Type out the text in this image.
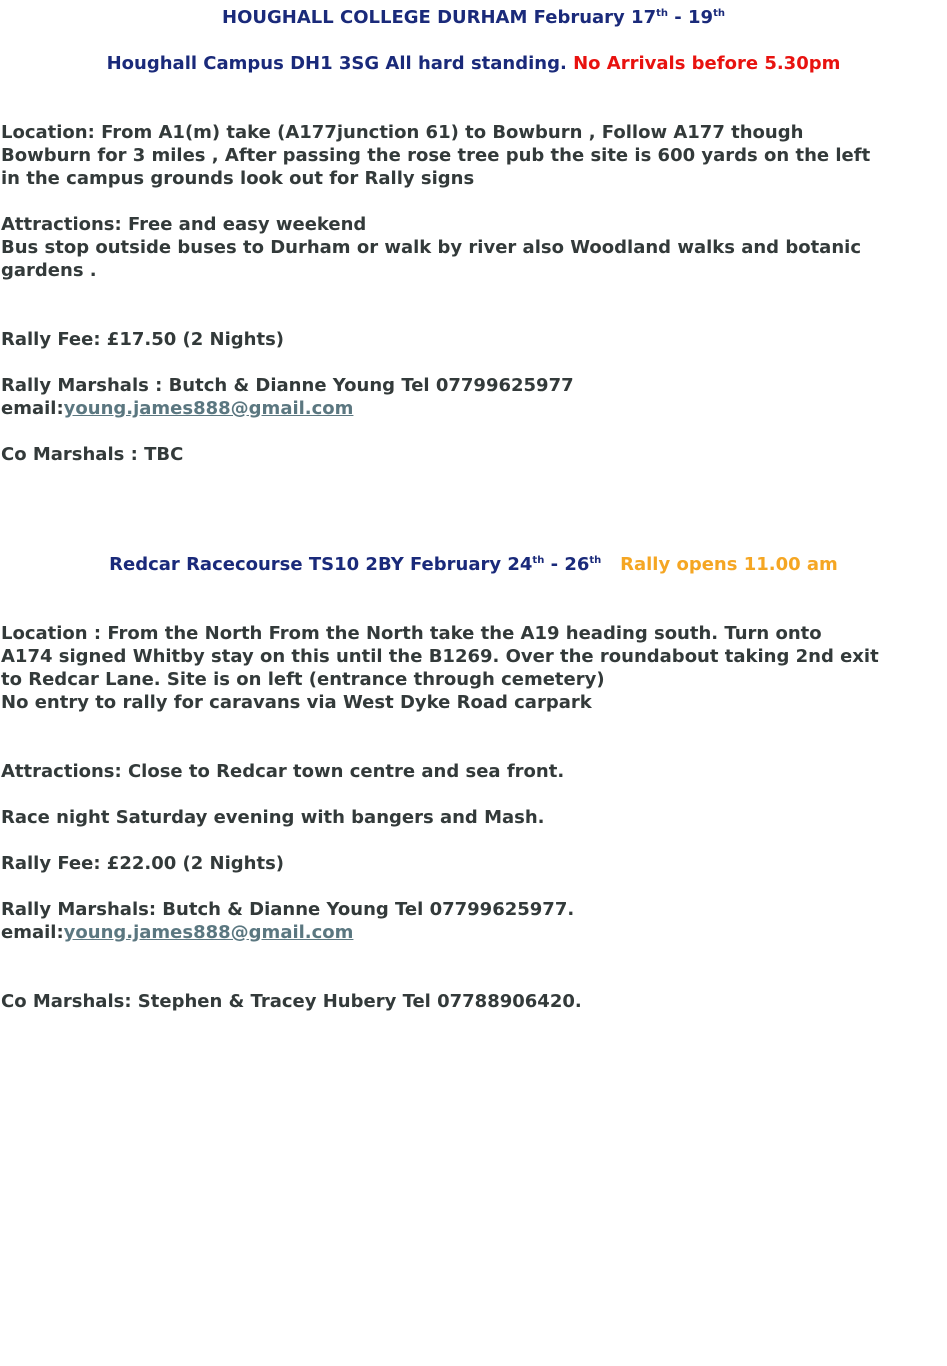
HOUGHALL COLLEGE DURHAM February 17th - 19th
Houghall Campus DH1 3SG All hard standing. No Arrivals before 5.30pm
Location: From A1(m) take (A177junction 61) to Bowburn , Follow A177 though
Bowburn for 3 miles , After passing the rose tree pub the site is 600 yards on the left
in the campus grounds look out for Rally signs
Attractions: Free and easy weekend
Bus stop outside buses to Durham or walk by river also Woodland walks and botanic
gardens .
Rally Fee: £17.50 (2 Nights)
Rally Marshals : Butch & Dianne Young Tel 07799625977
email:young.james888@gmail.com
Co Marshals : TBC
Redcar Racecourse TS10 2BY February 24th - 26th Rally opens 11.00 am
Location : From the North From the North take the A19 heading south. Turn onto
A174 signed Whitby stay on this until the B1269. Over the roundabout taking 2nd exit
to Redcar Lane. Site is on left (entrance through cemetery)
No entry to rally for caravans via West Dyke Road carpark
Attractions: Close to Redcar town centre and sea front.
Race night Saturday evening with bangers and Mash.
Rally Fee: £22.00 (2 Nights)
Rally Marshals: Butch & Dianne Young Tel 07799625977.
email:young.james888@gmail.com
Co Marshals: Stephen & Tracey Hubery Tel 07788906420.
